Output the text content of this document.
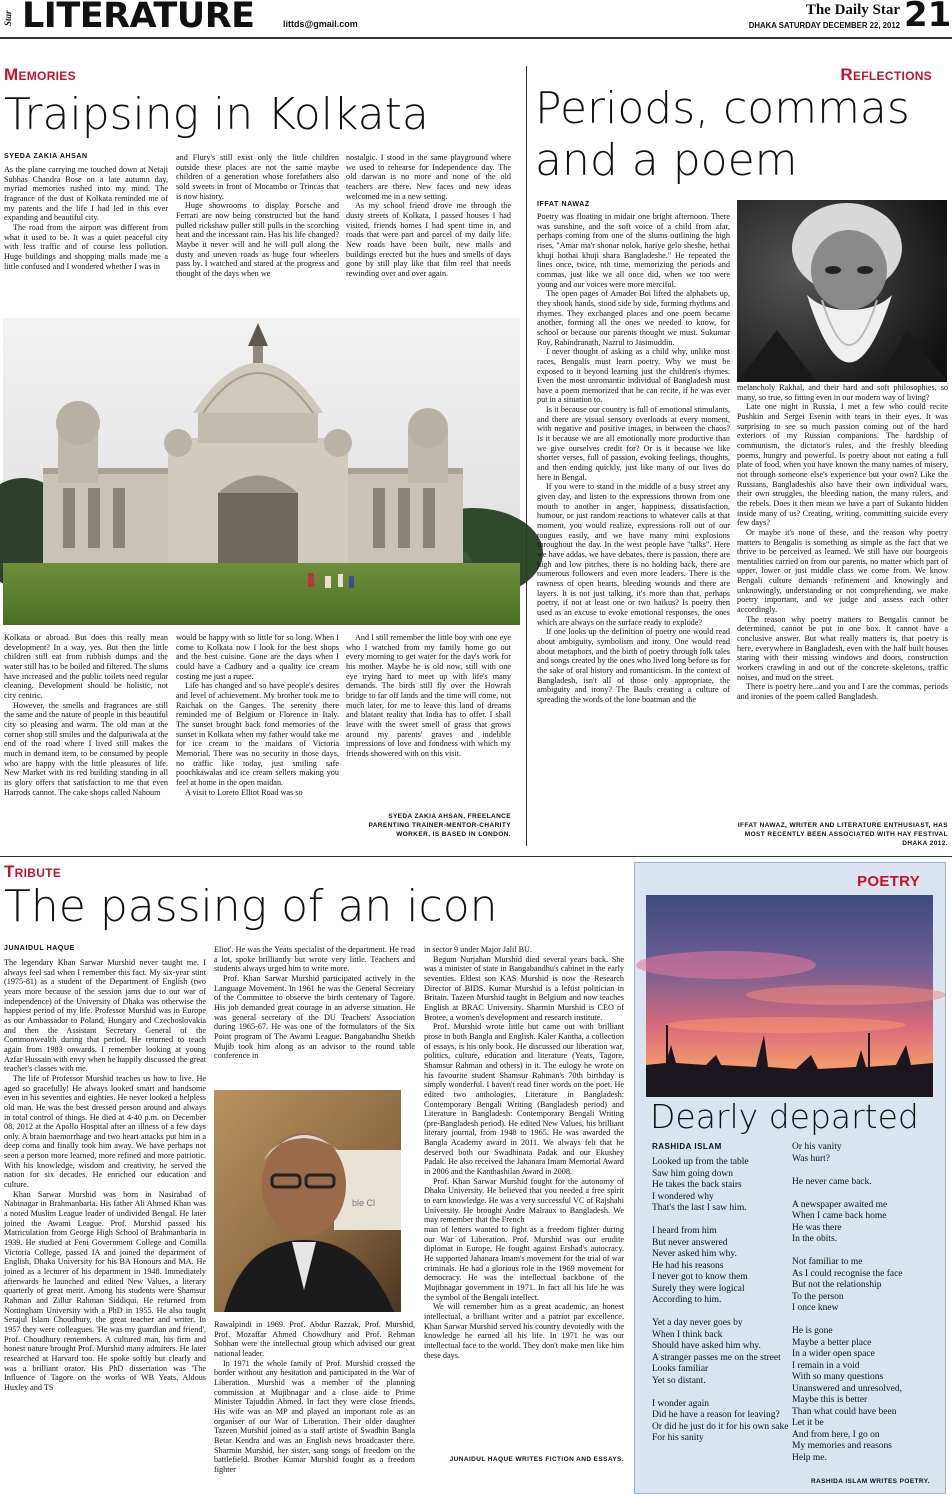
Star LITERATURE	littds@gmail.com
The Daily Star
DHAKA SATURDAY DECEMBER 22, 2012 21
Memories
Traipsing in Kolkata
SYEDA ZAKIA AHSAN

As the plane carrying me touched down at Netaji Subhas Chandra Bose on a late autumn day, myriad memories rushed into my mind. The fragrance of the dust of Kolkata reminded me of my parents and the life I had led in this ever expanding and beautiful city.

The road from the airport was different from what it used to be. It was a quiet peaceful city with less traffic and of course less pollution. Huge buildings and shopping malls made me a little confused and I wondered whether I was in

and Flury's still exist only the little children outside these places are not the same maybe children of a generation whose forefathers also sold sweets in front of Mocambo or Trincas that is now history.

Huge showrooms to display Porsche and Ferrari are now being constructed but the hand pulled rickshaw puller still pulls in the scorching heat and the incessant rain. Has his life changed? Maybe it never will and he will pull along the dusty and uneven roads as huge four wheelers pass by. I watched and stared at the progress and thought of the days when we

nostalgic. I stood in the same playground where we used to rehearse for Independence day. The old darwan is no more and none of the old teachers are there. New faces and new ideas welcomed me in a new setting.

As my school friend drove me through the dusty streets of Kolkata, I passed houses I had visited, friends homes I had spent time in, and roads that were part and parcel of my daily life. New roads have been built, new malls and buildings erected but the hues and smells of days gone by still play like that film reel that needs rewinding over and over again.

Kolkata or abroad. But does this really mean development? In a way, yes. But then the little children still eat from rubbish dumps and the water still has to be boiled and filtered. The slums have increased and the public toilets need regular cleaning. Development should be holistic, not city centric.

However, the smells and fragrances are still the same and the nature of people in this beautiful city so pleasing and warm. The old man at the corner shop still smiles and the dalpuriwala at the end of the road where I lived still makes the much in demand item, to be consumed by people who are happy with the little pleasures of life. New Market with its red building standing in all its glory offers that satisfaction to me that even Harrods cannot. The cake shops called Nahoum

would be happy with so little for so long. When I come to Kolkata now I look for the best shops and the best cuisine. Gone are the days when I could have a Cadbury and a quality ice cream costing me just a rupee.

Life has changed and so have people's desires and level of achievement. My brother took me to Raichak on the Ganges. The serenity there reminded me of Belgium or Florence in Italy. The sunset brought back fond memories of the sunset in Kolkata when my father would take me for ice cream to the maidans of Victoria Memorial. There was no security in those days, no traffic like today, just smiling safe poochkawalas and ice cream sellers making you feel at home in the open maidan.

A visit to Loreto Elliot Road was so

And I still remember the little boy with one eye who I watched from my family home go out every morning to get water for the day's work for his mother. Maybe he is old now, still with one eye trying hard to meet up with life's many demands. The birds still fly over the Howrah bridge to far off lands and the time will come, not much later, for me to leave this land of dreams and blatant reality that India has to offer. I shall leave with the sweet smell of grass that grows around my parents' graves and indelible impressions of love and fondness with which my friends showered with on this visit.

SYEDA ZAKIA AHSAN, FREELANCE PARENTING TRAINER-MENTOR-CHARITY WORKER, IS BASED IN LONDON.
Reflections
Periods, commas
and a poem
IFFAT NAWAZ

Poetry was floating in midair one bright afternoon. There was sunshine, and the soft voice of a child from afar, perhaps coming from one of the slums outlining the high rises, "Amar ma'r shonar nolok, hariye gelo sheshe, hethai khuji hothai khuji shara Bangladeshe." He repeated the lines once, twice, nth time, memorizing the periods and commas, just like we all once did, when we too were young and our voices were more merciful.

The open pages of Amader Boi lifted the alphabets up, they shook hands, stood side by side, forming rhythms and rhymes. They exchanged places and one poem became another, forming all the ones we needed to know, for school or because our parents thought we must. Sukumar Roy, Rabindranath, Nazrul to Jasimuddin.

I never thought of asking as a child why, unlike most races, Bengalis must learn poetry. Why we must be exposed to it beyond learning just the children's rhymes. Even the most unromantic individual of Bangladesh must have a poem memorized that he can recite, if he was ever put in a situation to.

Is it because our country is full of emotional stimulants, and there are visual sensory overloads at every moment, with negative and positive images, in between the chaos? Is it because we are all emotionally more productive than we give ourselves credit for? Or is it because we like shorter verses, full of passion, evoking feelings, thoughts, and then ending quickly, just like many of our lives do here in Bengal.

If you were to stand in the middle of a busy street any given day, and listen to the expressions thrown from one mouth to another in anger, happiness, dissatisfaction, humour, or just random reactions to whatever calls at that moment, you would realize, expressions roll out of our tongues easily, and we have many mini explosions throughout the day. In the west people have "talks". Here we have addas, we have debates, there is passion, there are high and low pitches, there is no holding back, there are numerous followers and even more leaders. There is the rawness of open hearts, bleeding wounds and there are layers. It is not just talking, it's more than that, perhaps poetry, if not at least one or two haikus? Is poetry then used as an excuse to evoke emotional responses, the ones which are always on the surface ready to explode?

If one looks up the definition of poetry one would read about ambiguity, symbolism and irony. One would read about metaphors, and the birth of poetry through folk tales and songs created by the ones who lived long before us for the sake of oral history and romanticism. In the context of Bangladesh, isn't all of those only appropriate, the ambiguity and irony? The Bauls creating a culture of spreading the words of the lone boatman and the

melancholy Rakhal, and their hard and soft philosophies, so many, so true, so fitting even in our modern way of living?

Late one night in Russia, I met a few who could recite Pushkin and Sergei Esenin with tears in their eyes. It was surprising to see so much passion coming out of the hard exteriors of my Russian companions. The hardship of communism, the dictator's rules, and the freshly bleeding poems, hungry and powerful. Is poetry about not eating a full plate of food, when you have known the many names of misery, not through someone else's experience but your own? Like the Russians, Bangladeshis also have their own individual wars, their own struggles, the bleeding nation, the many rulers, and the rebels. Does it then mean we have a part of Sukanto hidden inside many of us? Creating, writing, committing suicide every few days?

Or maybe it's none of these, and the reason why poetry matters to Bengalis is something as simple as the fact that we thrive to be perceived as learned. We still have our bourgeois mentalities carried on from our parents, no matter which part of upper, lower or just middle class we come from. We know Bengali culture demands refinement and knowingly and unknowingly, understanding or not comprehending, we make poetry important, and we judge and assess each other accordingly.

The reason why poetry matters to Bengalis cannot be determined, cannot be put in one box. It cannot have a conclusive answer. But what really matters is, that poetry is here, everywhere in Bangladesh, even with the half built houses staring with their missing windows and doors, construction workers crawling in and out of the concrete skeletons, traffic noises, and mud on the street.

There is poetry here...and you and I are the commas, periods and ironies of the poem called Bangladesh.

IFFAT NAWAZ, WRITER AND LITERATURE ENTHUSIAST, HAS MOST RECENTLY BEEN ASSOCIATED WITH HAY FESTIVAL DHAKA 2012.
Tribute
The passing of an icon
JUNAIDUL HAQUE

The legendary Khan Sarwar Murshid never taught me. I always feel sad when I remember this fact. My six-year stint (1975-81) as a student of the Department of English (two years more because of the session jams due to our war of independence) of the University of Dhaka was otherwise the happiest period of my life. Professor Murshid was in Europe as our Ambassador to Poland, Hungary and Czechoslovakia and then the Assistant Secretary General of the Commonwealth during that period. He returned to teach again from 1983 onwards. I remember looking at young Azfar Hussain with envy when he happily discussed the great teacher's classes with me.

The life of Professor Murshid teaches us how to live. He aged so gracefully! He always looked smart and handsome even in his seventies and eighties. He never looked a helpless old man. He was the best dressed person around and always in total control of things. He died at 4-40 p.m. on December 08, 2012 at the Apollo Hospital after an illness of a few days only. A brain haemorrhage and two heart attacks put him in a deep coma and finally took him away. We have perhaps not seen a person more learned, more refined and more patriotic. With his knowledge, wisdom and creativity, he served the nation for six decades. He enriched our education and culture.

Khan Sarwar Murshid was born in Nasirabad of Nabinagar in Brahmanbaria. His father Ali Ahmed Khan was a noted Muslim League leader of undivided Bengal. He later joined the Awami League. Prof. Murshid passed his Matriculation from George High School of Brahmanbaria in 1939. He studied at Feni Government College and Comilla Victoria College, passed IA and joined the department of English, Dhaka University for his BA Honours and MA. He joined as a lecturer of his department in 1948. Immediately afterwards he launched and edited New Values, a literary quarterly of great merit. Among his students were Shamsur Rahman and Zillur Rahman Siddiqui. He returned from Nottingham University with a PhD in 1955. He also taught Serajul Islam Choudhury, the great teacher and writer. In 1957 they were colleagues. 'He was my guardian and friend', Prof. Choudhury remembers. A cultured man, his firm and honest nature brought Prof. Murshid many admirers. He later researched at Harvard too. He spoke softly but clearly and was a brilliant orator. His PhD dissertation was 'The Influence of Tagore on the works of WB Yeats, Aldous Huxley and TS

Eliot'. He was the Yeats specialist of the department. He read a lot, spoke brilliantly but wrote very little. Teachers and students always urged him to write more.

Prof. Khan Sarwar Murshid participated actively in the Language Movement. In 1961 he was the General Secretary of the Committee to observe the birth centenary of Tagore. His job demanded great courage in an adverse situation. He was general secretary of the DU Teachers' Association during 1965-67. He was one of the formulators of the Six Point program of The Awami League. Bangabandhu Sheikh Mujib took him along as an advisor to the round table conference in

ble Cl

Rawalpindi in 1969. Prof. Abdur Razzak, Prof. Murshid, Prof. Mozaffar Ahmed Chowdhury and Prof. Rehman Sobhan were the intellectual group which advised our great national leader.

In 1971 the whole family of Prof. Murshid crossed the border without any hesitation and participated in the War of Liberation. Murshid was a member of the planning commission at Mujibnagar and a close aide to Prime Minister Tajuddin Ahmed. In fact they were close friends. His wife was an MP and played an important role as an organiser of our War of Liberation. Their older daughter Tazeen Murshid joined as a staff artiste of Swadhin Bangla Betar Kendra and was an English news broadcaster there. Sharmin Murshid, her sister, sang songs of freedom on the battlefield. Brother Kumar Murshid fought as a freedom fighter

in sector 9 under Major Jalil BU.

Begum Nurjahan Murshid died several years back. She was a minister of state in Bangabandhu's cabinet in the early seventies. Eldest son KAS Murshid is now the Research Director of BIDS. Kumar Murshid is a leftist politician in Britain. Tazeen Murshid taught in Belgium and now teaches English at BRAC University. Sharmin Murshid is CEO of Brotee, a women's development and research institute.

Prof. Murshid wrote little but came out with brilliant prose in both Bangla and English. Kaler Kantha, a collection of essays, is his only book. He discussed our liberation war, politics, culture, education and literature (Yeats, Tagore, Shamsur Rahman and others) in it. The eulogy he wrote on his favourite student Shamsur Rahman's 70th birthday is simply wonderful. I haven't read finer words on the poet. He edited two anthologies, Literature in Bangladesh: Contemporary Bengali Writing (Bangladesh period) and Literature in Bangladesh: Contemporary Bengali Writing (pre-Bangladesh period). He edited New Values, his brilliant literary journal, from 1948 to 1965. He was awarded the Bangla Academy award in 2011. We always felt that he deserved both our Swadhinata Padak and our Ekushey Padak. He also received the Jahanara Imam Memorial Award in 2006 and the Kanthashilan Award in 2008.

Prof. Khan Sarwar Murshid fought for the autonomy of Dhaka University. He believed that you needed a free spirit to earn knowledge. He was a very successful VC of Rajshahi University. He brought Andre Malraux to Bangladesh. We may remember that the French

man of letters wanted to fight as a freedom fighter during our War of Liberation. Prof. Murshid was our erudite diplomat in Europe. He fought against Ershad's autocracy. He supported Jahanara Imam's movement for the trial of war criminals. He had a glorious role in the 1969 movement for democracy. He was the intellectual backbone of the Mujibnagar government in 1971. In fact all his life he was the symbol of the Bengali intellect.

We will remember him as a great academic, an honest intellectual, a brilliant writer and a patriot par excellence. Khan Sarwar Murshid served his country devotedly with the knowledge he earned all his life. In 1971 he was our intellectual face to the world. They don't make men like him these days.

JUNAIDUL HAQUE WRITES FICTION AND ESSAYS.
POETRY
Dearly departed
RASHIDA ISLAM
Looked up from the table
Saw him going down
He takes the back stairs
I wondered why
That's the last I saw him.

I heard from him
But never answered
Never asked him why.
He had his reasons
I never got to know them
Surely they were logical
According to him.

Yet a day never goes by
When I think back
Should have asked him why.
A stranger passes me on the street
Looks familiar
Yet so distant.

I wonder again
Did he have a reason for leaving?
Or did he just do it for his own sake
For his sanity
Or his vanity
Was hurt?

He never came back.

A newspaper awaited me
When I came back home
He was there
In the obits.

Not familiar to me
As I could recognise the face
But not the relationship
To the person
I once knew

He is gone
Maybe a better place
In a wider open space
I remain in a void
With so many questions
Unanswered and unresolved,
Maybe this is better
Than what could have been
Let it be
And from here, I go on
My memories and reasons
Help me.
RASHIDA ISLAM WRITES POETRY.
